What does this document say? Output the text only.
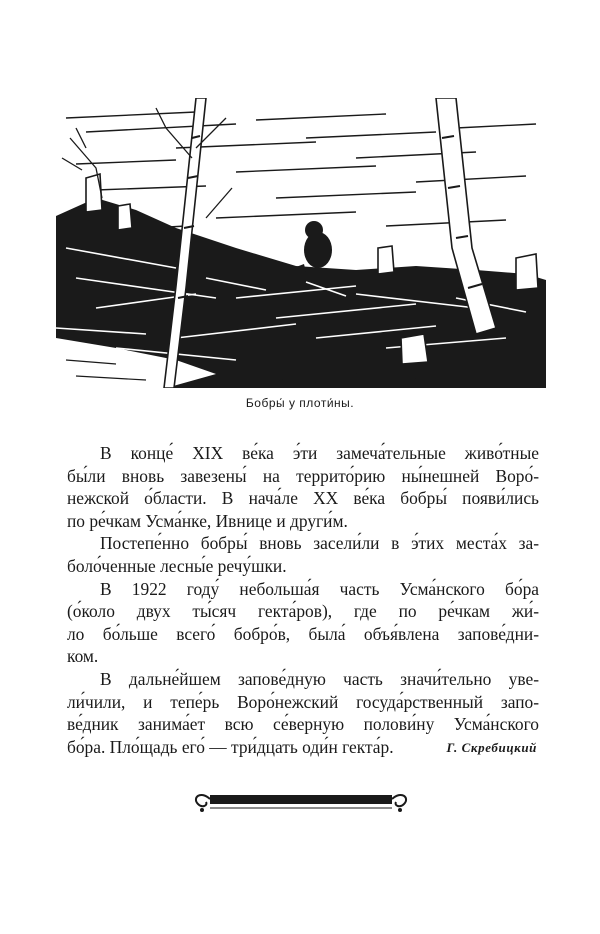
Бобры́ у плоти́ны.
В конце́ XIX ве́ка э́ти замеча́тельные живо́тные
бы́ли вновь завезены́ на террито́рию ны́нешней Воро́-
нежской о́бласти. В нача́ле XX ве́ка бобры́ появи́лись
по ре́чкам Усма́нке, Ивнице и други́м.
Постепе́нно бобры́ вновь засели́ли в э́тих места́х за-
боло́ченные лесны́е речу́шки.
В 1922 году́ небольша́я часть Усма́нского бо́ра
(о́коло двух ты́сяч гекта́ров), где по ре́чкам жи́-
ло бо́льше всего́ бобро́в, была́ объя́влена запове́дни-
ком.
В дальне́йшем запове́дную часть значи́тельно уве-
ли́чили, и тепе́рь Воро́нежский госуда́рственный запо-
ве́дник занима́ет всю се́верную полови́ну Усма́нского
бо́ра. Пло́щадь его́ — три́дцать оди́н гекта́р.	Г. Скребицкий
